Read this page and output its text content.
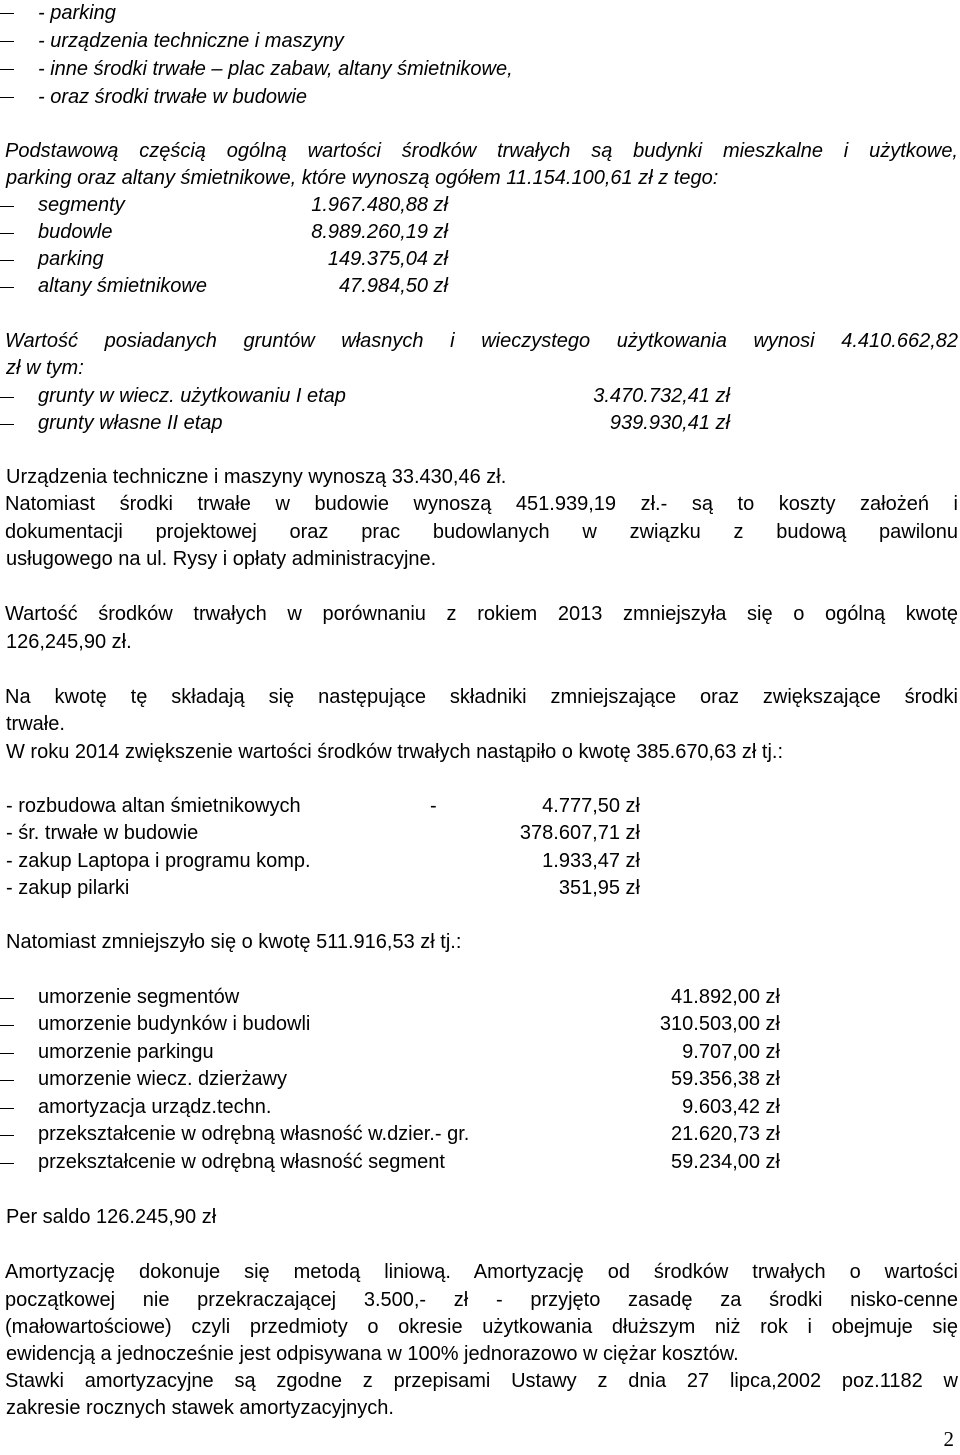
- parking
- urządzenia techniczne i maszyny
- inne środki trwałe – plac zabaw, altany śmietnikowe,
- oraz środki trwałe w budowie
Podstawową częścią ogólną wartości środków trwałych są budynki mieszkalne i użytkowe,
parking oraz altany śmietnikowe, które wynoszą ogółem 11.154.100,61 zł z tego:
segmenty	1.967.480,88 zł
budowle	8.989.260,19 zł
parking	149.375,04 zł
altany śmietnikowe	47.984,50 zł
Wartość posiadanych gruntów własnych i wieczystego użytkowania wynosi 4.410.662,82
zł w tym:
grunty w wiecz. użytkowaniu I etap	3.470.732,41 zł
grunty własne II etap	939.930,41 zł
Urządzenia techniczne i maszyny wynoszą 33.430,46 zł.
Natomiast środki trwałe w budowie wynoszą 451.939,19 zł.- są to koszty założeń i
dokumentacji projektowej oraz prac budowlanych w związku z budową pawilonu
usługowego na ul. Rysy i opłaty administracyjne.
Wartość środków trwałych w porównaniu z rokiem 2013 zmniejszyła się o ogólną kwotę
126,245,90 zł.
Na kwotę tę składają się następujące składniki zmniejszające oraz zwiększające środki
trwałe.
W roku 2014 zwiększenie wartości środków trwałych nastąpiło o kwotę 385.670,63 zł tj.:
- rozbudowa altan śmietnikowych	-	4.777,50 zł
- śr. trwałe w budowie	378.607,71 zł
- zakup Laptopa i programu komp.	1.933,47 zł
- zakup pilarki	351,95 zł
Natomiast zmniejszyło się o kwotę 511.916,53 zł tj.:
umorzenie segmentów	41.892,00 zł
umorzenie budynków i budowli	310.503,00 zł
umorzenie parkingu	9.707,00 zł
umorzenie wiecz. dzierżawy	59.356,38 zł
amortyzacja urządz.techn.	9.603,42 zł
przekształcenie w odrębną własność w.dzier.- gr.	21.620,73 zł
przekształcenie w odrębną własność segment	59.234,00 zł
Per saldo 126.245,90 zł
Amortyzację dokonuje się metodą liniową. Amortyzację od środków trwałych o wartości
początkowej nie przekraczającej 3.500,- zł - przyjęto zasadę za środki nisko-cenne
(małowartościowe) czyli przedmioty o okresie użytkowania dłuższym niż rok i obejmuje się
ewidencją a jednocześnie jest odpisywana w 100% jednorazowo w ciężar kosztów.
Stawki amortyzacyjne są zgodne z przepisami Ustawy z dnia 27 lipca,2002 poz.1182 w
zakresie rocznych stawek amortyzacyjnych.
2
